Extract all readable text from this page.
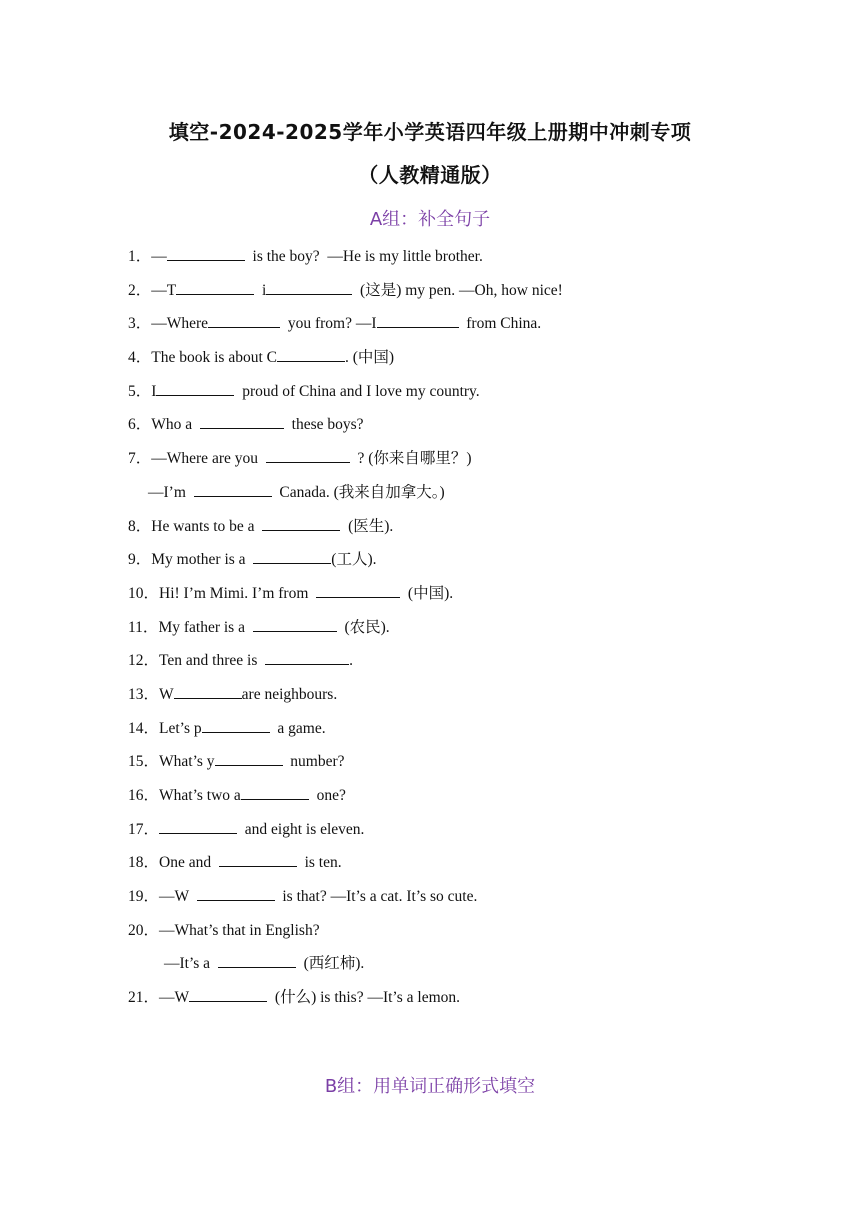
填空-2024-2025学年小学英语四年级上册期中冲刺专项
（人教精通版）
A组：补全句子
1．—	is the boy?  —He is my little brother.
2．—T	i	(这是) my pen. —Oh, how nice!
3．—Where	you from? —I	from China.
4．The book is about C	. (中国)
5．I	proud of China and I love my country.
6．Who a	these boys?
7．—Where are you	? (你来自哪里？)
—I’m	Canada. (我来自加拿大。)
8．He wants to be a	(医生).
9．My mother is a	(工人).
10．Hi! I’m Mimi. I’m from	(中国).
11．My father is a	(农民).
12．Ten and three is	.
13．W	are neighbours.
14．Let’s p	a game.
15．What’s y	number?
16．What’s two a	one?
17．	and eight is eleven.
18．One and	is ten.
19．—W	is that? —It’s a cat. It’s so cute.
20．—What’s that in English?
—It’s a	(西红柿).
21．—W	(什么) is this? —It’s a lemon.
B组：用单词正确形式填空
